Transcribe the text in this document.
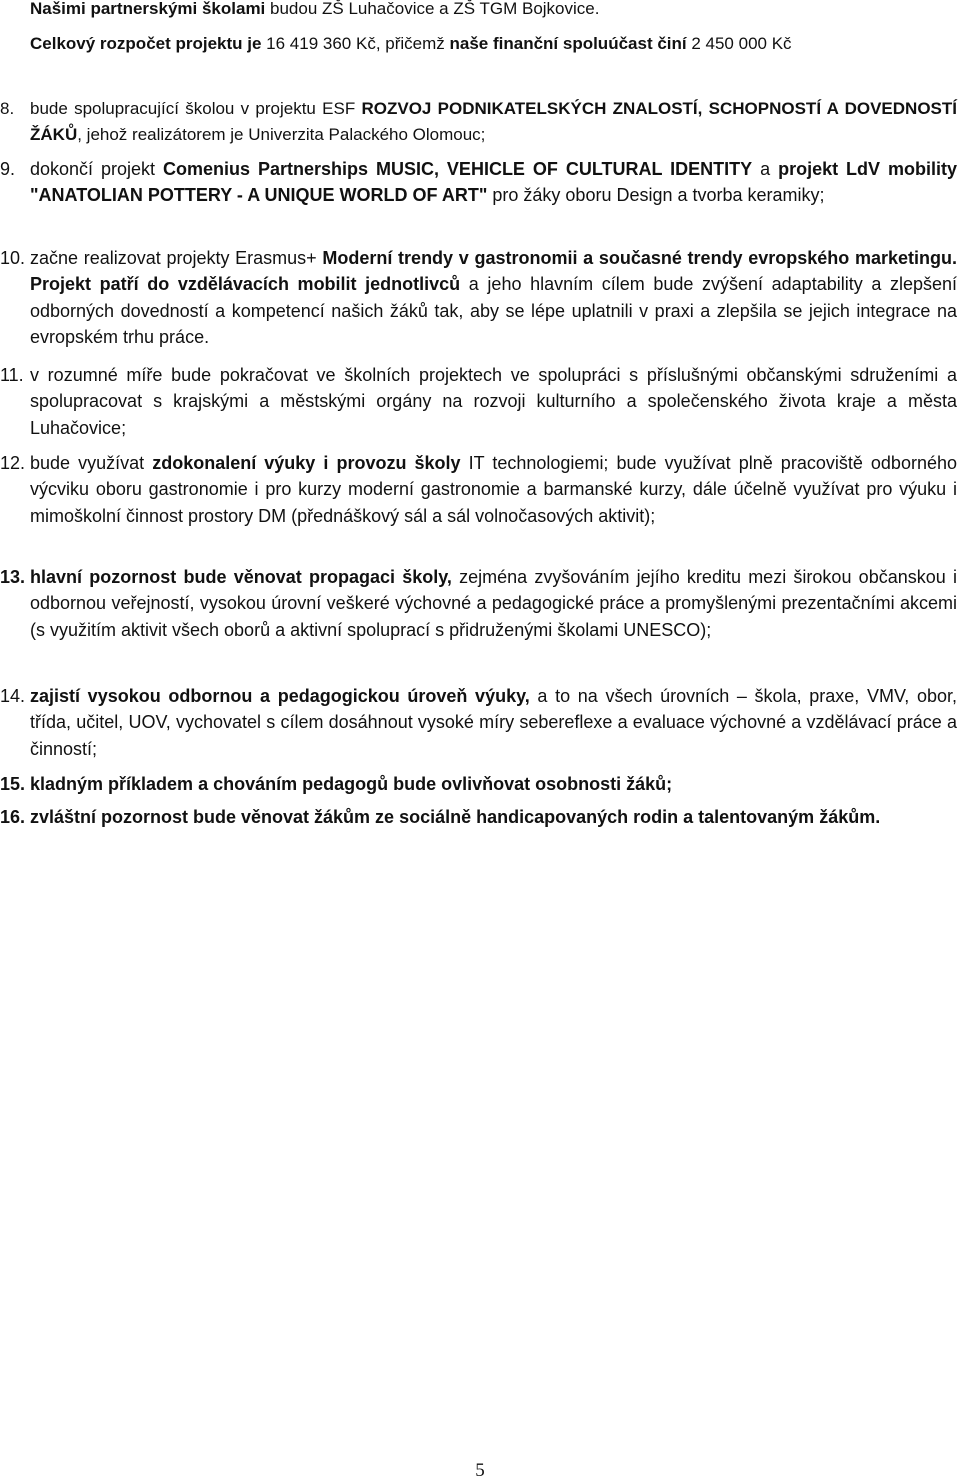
Našimi partnerskými školami budou ZŠ Luhačovice a ZŠ TGM Bojkovice.
Celkový rozpočet projektu je 16 419 360 Kč, přičemž naše finanční spoluúčast činí 2 450 000 Kč
8. bude spolupracující školou v projektu ESF ROZVOJ PODNIKATELSKÝCH ZNALOSTÍ, SCHOPNOSTÍ A DOVEDNOSTÍ ŽÁKŮ, jehož realizátorem je Univerzita Palackého Olomouc;
9. dokončí projekt Comenius Partnerships MUSIC, VEHICLE OF CULTURAL IDENTITY a projekt LdV mobility "ANATOLIAN POTTERY - A UNIQUE WORLD OF ART" pro žáky oboru Design a tvorba keramiky;
10. začne realizovat projekty Erasmus+ Moderní trendy v gastronomii a současné trendy evropského marketingu. Projekt patří do vzdělávacích mobilit jednotlivců a jeho hlavním cílem bude zvýšení adaptability a zlepšení odborných dovedností a kompetencí našich žáků tak, aby se lépe uplatnili v praxi a zlepšila se jejich integrace na evropském trhu práce.
11. v rozumné míře bude pokračovat ve školních projektech ve spolupráci s příslušnými občanskými sdruženími a spolupracovat s krajskými a městskými orgány na rozvoji kulturního a společenského života kraje a města Luhačovice;
12. bude využívat zdokonalení výuky i provozu školy IT technologiemi; bude využívat plně pracoviště odborného výcviku oboru gastronomie i pro kurzy moderní gastronomie a barmanské kurzy, dále účelně využívat pro výuku i mimoškolní činnost prostory DM (přednáškový sál a sál volnočasových aktivit);
13. hlavní pozornost bude věnovat propagaci školy, zejména zvyšováním jejího kreditu mezi širokou občanskou i odbornou veřejností, vysokou úrovní veškeré výchovné a pedagogické práce a promyšlenými prezentačními akcemi (s využitím aktivit všech oborů a aktivní spoluprací s přidruženými školami UNESCO);
14. zajistí vysokou odbornou a pedagogickou úroveň výuky, a to na všech úrovních – škola, praxe, VMV, obor, třída, učitel, UOV, vychovatel s cílem dosáhnout vysoké míry sebereflexe a evaluace výchovné a vzdělávací práce a činností;
15. kladným příkladem a chováním pedagogů bude ovlivňovat osobnosti žáků;
16. zvláštní pozornost bude věnovat žákům ze sociálně handicapovaných rodin a talentovaným žákům.
5
